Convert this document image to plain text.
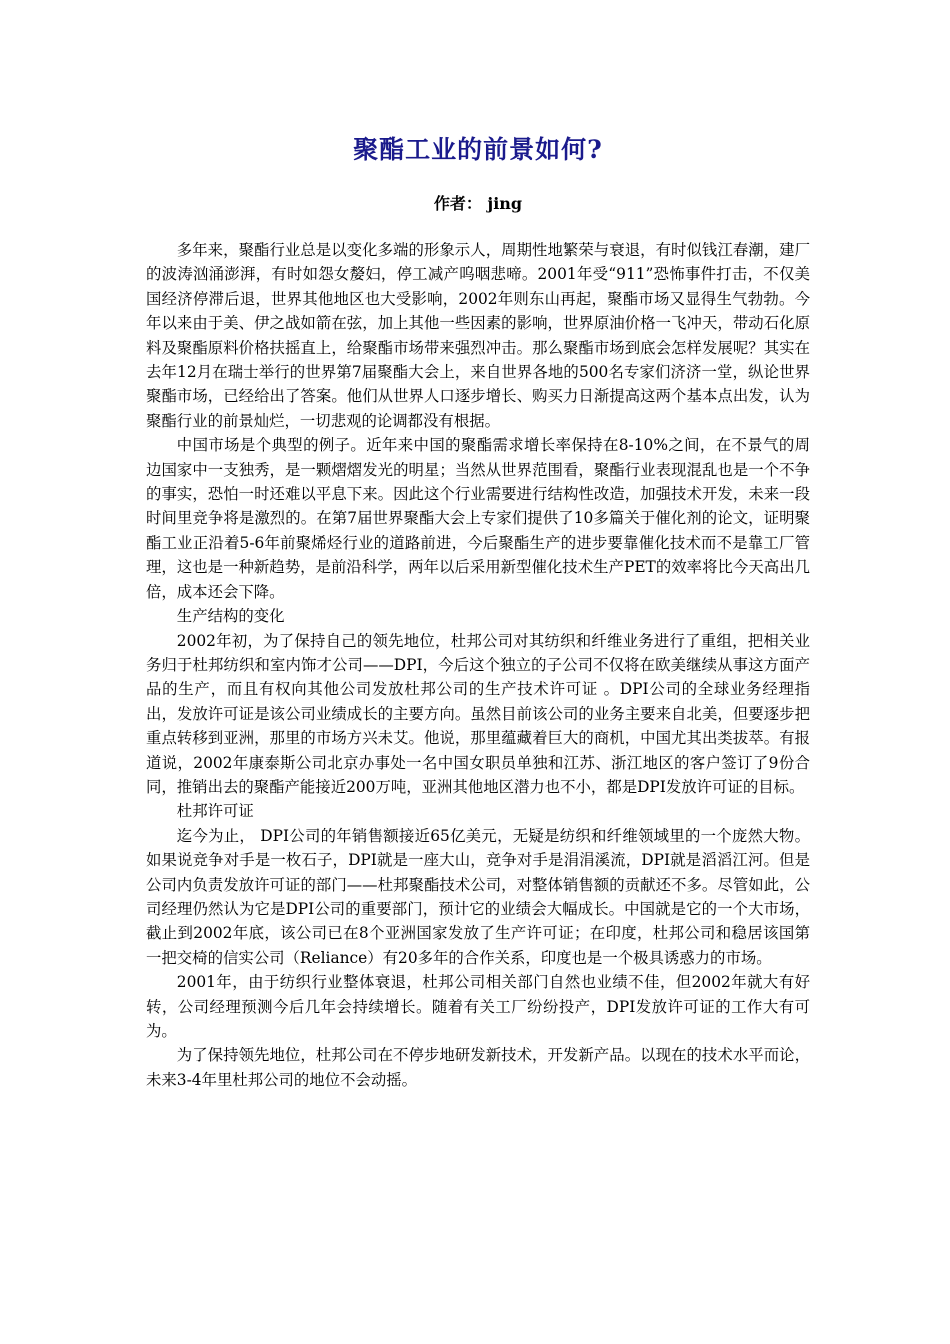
聚酯工业的前景如何?
作者： jing

多年来，聚酯行业总是以变化多端的形象示人，周期性地繁荣与衰退，有时似钱江春潮，建厂的波涛汹涌澎湃，有时如怨女嫠妇，停工减产呜咽悲啼。2001年受“911”恐怖事件打击，不仅美国经济停滞后退，世界其他地区也大受影响，2002年则东山再起，聚酯市场又显得生气勃勃。今年以来由于美、伊之战如箭在弦，加上其他一些因素的影响，世界原油价格一飞冲天，带动石化原料及聚酯原料价格扶摇直上，给聚酯市场带来强烈冲击。那么聚酯市场到底会怎样发展呢？其实在去年12月在瑞士举行的世界第7届聚酯大会上，来自世界各地的500名专家们济济一堂，纵论世界聚酯市场，已经给出了答案。他们从世界人口逐步增长、购买力日渐提高这两个基本点出发，认为聚酯行业的前景灿烂，一切悲观的论调都没有根据。

中国市场是个典型的例子。近年来中国的聚酯需求增长率保持在8-10%之间，在不景气的周边国家中一支独秀，是一颗熠熠发光的明星；当然从世界范围看，聚酯行业表现混乱也是一个不争的事实，恐怕一时还难以平息下来。因此这个行业需要进行结构性改造，加强技术开发，未来一段时间里竞争将是激烈的。在第7届世界聚酯大会上专家们提供了10多篇关于催化剂的论文，证明聚酯工业正沿着5-6年前聚烯烃行业的道路前进，今后聚酯生产的进步要靠催化技术而不是靠工厂管理，这也是一种新趋势，是前沿科学，两年以后采用新型催化技术生产PET的效率将比今天高出几倍，成本还会下降。

生产结构的变化

2002年初，为了保持自己的领先地位，杜邦公司对其纺织和纤维业务进行了重组，把相关业务归于杜邦纺织和室内饰才公司——DPI，今后这个独立的子公司不仅将在欧美继续从事这方面产品的生产，而且有权向其他公司发放杜邦公司的生产技术许可证 。DPI公司的全球业务经理指出，发放许可证是该公司业绩成长的主要方向。虽然目前该公司的业务主要来自北美，但要逐步把重点转移到亚洲，那里的市场方兴未艾。他说，那里蕴藏着巨大的商机，中国尤其出类拔萃。有报道说，2002年康泰斯公司北京办事处一名中国女职员单独和江苏、浙江地区的客户签订了9份合同，推销出去的聚酯产能接近200万吨，亚洲其他地区潜力也不小，都是DPI发放许可证的目标。

杜邦许可证

迄今为止， DPI公司的年销售额接近65亿美元，无疑是纺织和纤维领域里的一个庞然大物。如果说竞争对手是一枚石子，DPI就是一座大山，竞争对手是涓涓溪流，DPI就是滔滔江河。但是公司内负责发放许可证的部门——杜邦聚酯技术公司，对整体销售额的贡献还不多。尽管如此，公司经理仍然认为它是DPI公司的重要部门，预计它的业绩会大幅成长。中国就是它的一个大市场，截止到2002年底，该公司已在8个亚洲国家发放了生产许可证；在印度，杜邦公司和稳居该国第一把交椅的信实公司（Reliance）有20多年的合作关系，印度也是一个极具诱惑力的市场。

2001年，由于纺织行业整体衰退，杜邦公司相关部门自然也业绩不佳，但2002年就大有好转，公司经理预测今后几年会持续增长。随着有关工厂纷纷投产，DPI发放许可证的工作大有可为。

为了保持领先地位，杜邦公司在不停步地研发新技术，开发新产品。以现在的技术水平而论，未来3-4年里杜邦公司的地位不会动摇。
